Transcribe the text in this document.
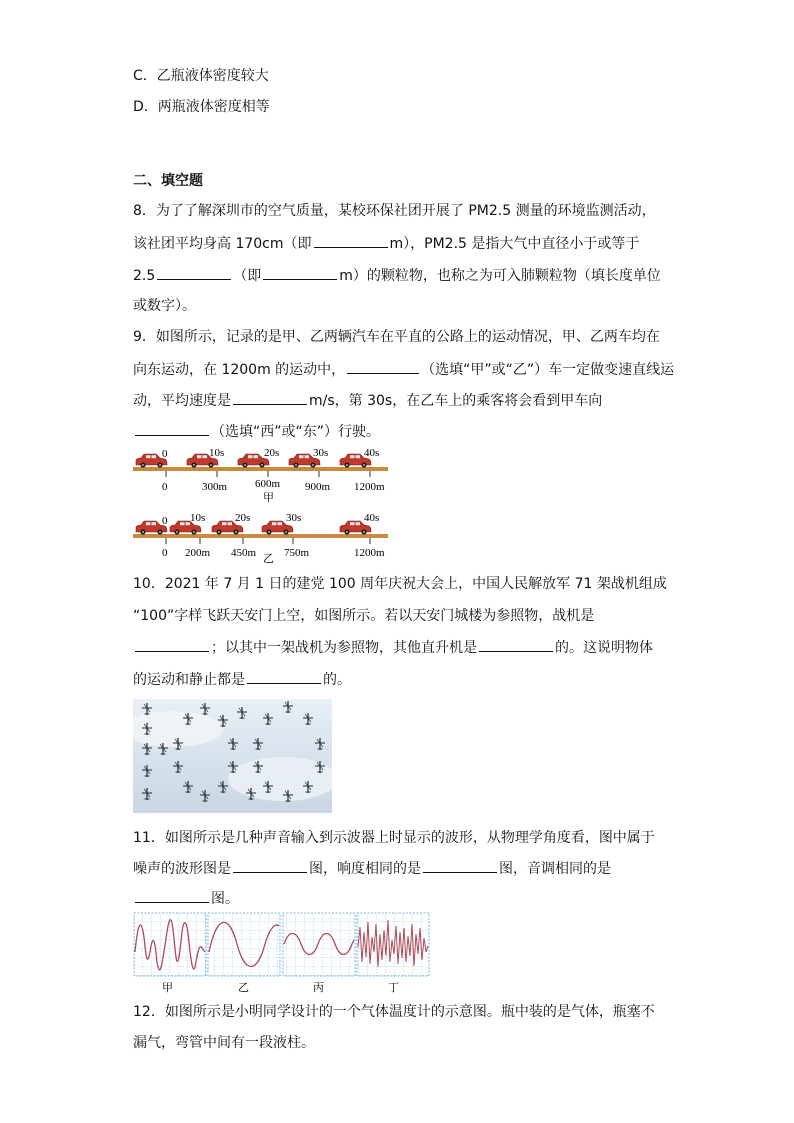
C．乙瓶液体密度较大
D．两瓶液体密度相等
二、填空题
8．为了了解深圳市的空气质量，某校环保社团开展了 PM2.5 测量的环境监测活动，
该社团平均身高 170cm（即	m），PM2.5 是指大气中直径小于或等于
2.5	（即	m）的颗粒物，也称之为可入肺颗粒物（填长度单位
或数字）。
9．如图所示，记录的是甲、乙两辆汽车在平直的公路上的运动情况，甲、乙两车均在
向东运动，在 1200m 的运动中，	（选填“甲”或“乙”）车一定做变速直线运
动，平均速度是	m/s，第 30s，在乙车上的乘客将会看到甲车向
（选填“西”或“东”）行驶。
0	10s	20s	30s	40s
0	300m	600m 900m 1200m
甲
0 10s	20s	30s	40s
0 200m 450m	750m	1200m
乙
10．2021 年 7 月 1 日的建党 100 周年庆祝大会上，中国人民解放军 71 架战机组成
“100”字样飞跃天安门上空，如图所示。若以天安门城楼为参照物，战机是
；以其中一架战机为参照物，其他直升机是	的。这说明物体
的运动和静止都是	的。
11．如图所示是几种声音输入到示波器上时显示的波形，从物理学角度看，图中属于
噪声的波形图是	图，响度相同的是	图，音调相同的是
图。
甲	乙	丙	丁
12．如图所示是小明同学设计的一个气体温度计的示意图。瓶中装的是气体，瓶塞不
漏气，弯管中间有一段液柱。
